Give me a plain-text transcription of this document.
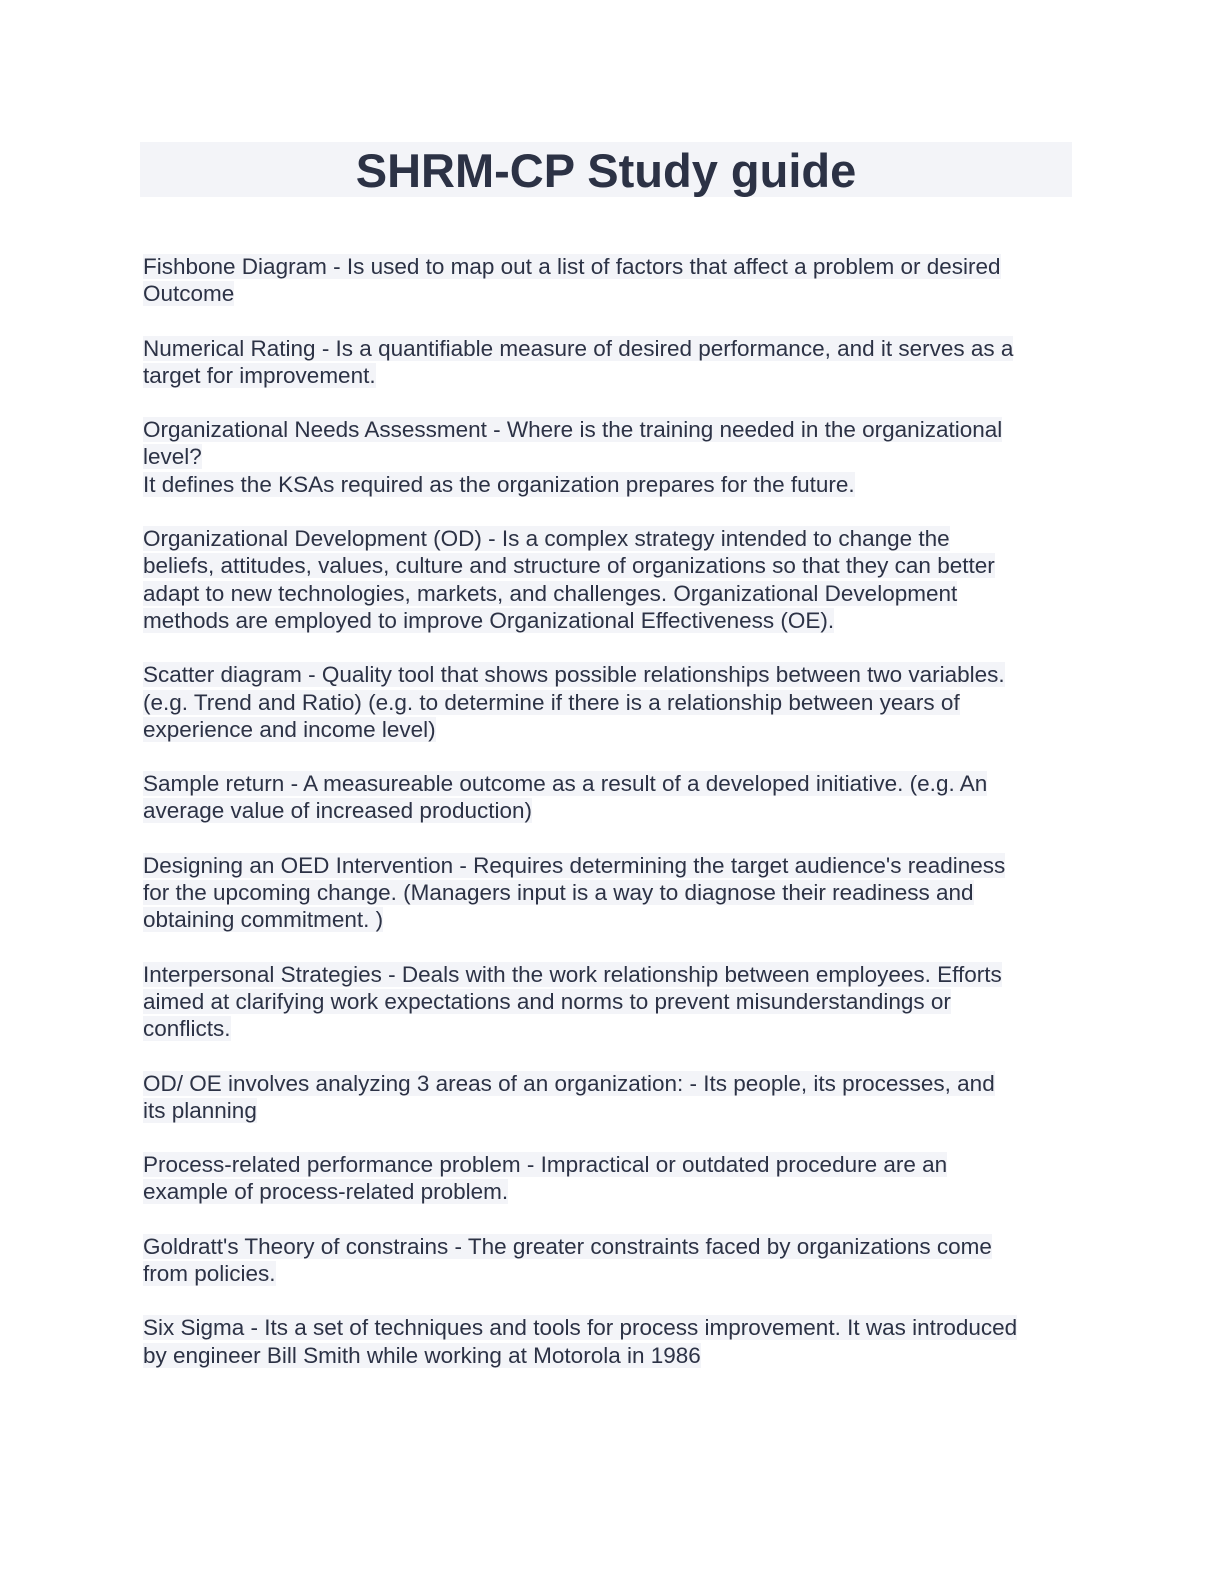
SHRM-CP Study guide

Fishbone Diagram - Is used to map out a list of factors that affect a problem or desired
Outcome

Numerical Rating - Is a quantifiable measure of desired performance, and it serves as a
target for improvement.

Organizational Needs Assessment - Where is the training needed in the organizational
level?
It defines the KSAs required as the organization prepares for the future.

Organizational Development (OD) - Is a complex strategy intended to change the
beliefs, attitudes, values, culture and structure of organizations so that they can better
adapt to new technologies, markets, and challenges. Organizational Development
methods are employed to improve Organizational Effectiveness (OE).

Scatter diagram - Quality tool that shows possible relationships between two variables.
(e.g. Trend and Ratio) (e.g. to determine if there is a relationship between years of
experience and income level)

Sample return - A measureable outcome as a result of a developed initiative. (e.g. An
average value of increased production)

Designing an OED Intervention - Requires determining the target audience's readiness
for the upcoming change. (Managers input is a way to diagnose their readiness and
obtaining commitment. )

Interpersonal Strategies - Deals with the work relationship between employees. Efforts
aimed at clarifying work expectations and norms to prevent misunderstandings or
conflicts.

OD/ OE involves analyzing 3 areas of an organization: - Its people, its processes, and
its planning

Process-related performance problem - Impractical or outdated procedure are an
example of process-related problem.

Goldratt's Theory of constrains - The greater constraints faced by organizations come
from policies.

Six Sigma - Its a set of techniques and tools for process improvement. It was introduced
by engineer Bill Smith while working at Motorola in 1986
